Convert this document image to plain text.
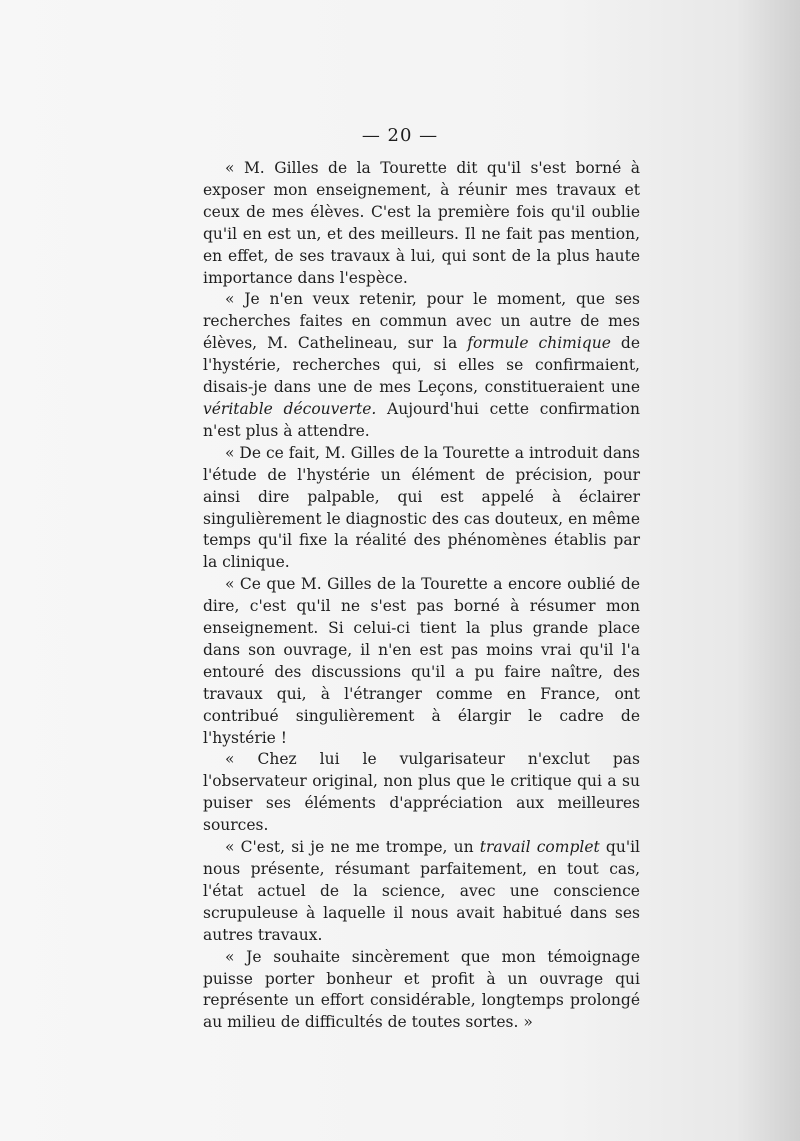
— 20 —

« M. Gilles de la Tourette dit qu'il s'est borné à exposer mon enseignement, à réunir mes travaux et ceux de mes élèves. C'est la première fois qu'il oublie qu'il en est un, et des meilleurs. Il ne fait pas mention, en effet, de ses travaux à lui, qui sont de la plus haute importance dans l'espèce.

« Je n'en veux retenir, pour le moment, que ses recherches faites en commun avec un autre de mes élèves, M. Cathelineau, sur la formule chimique de l'hystérie, recherches qui, si elles se confirmaient, disais-je dans une de mes Leçons, constitueraient une véritable découverte. Aujourd'hui cette confirmation n'est plus à attendre.

« De ce fait, M. Gilles de la Tourette a introduit dans l'étude de l'hystérie un élément de précision, pour ainsi dire palpable, qui est appelé à éclairer singulièrement le diagnostic des cas douteux, en même temps qu'il fixe la réalité des phénomènes établis par la clinique.

« Ce que M. Gilles de la Tourette a encore oublié de dire, c'est qu'il ne s'est pas borné à résumer mon enseignement. Si celui-ci tient la plus grande place dans son ouvrage, il n'en est pas moins vrai qu'il l'a entouré des discussions qu'il a pu faire naître, des travaux qui, à l'étranger comme en France, ont contribué singulièrement à élargir le cadre de l'hystérie !

« Chez lui le vulgarisateur n'exclut pas l'observateur original, non plus que le critique qui a su puiser ses éléments d'appréciation aux meilleures sources.

« C'est, si je ne me trompe, un travail complet qu'il nous présente, résumant parfaitement, en tout cas, l'état actuel de la science, avec une conscience scrupuleuse à laquelle il nous avait habitué dans ses autres travaux.

« Je souhaite sincèrement que mon témoignage puisse porter bonheur et profit à un ouvrage qui représente un effort considérable, longtemps prolongé au milieu de difficultés de toutes sortes. »
